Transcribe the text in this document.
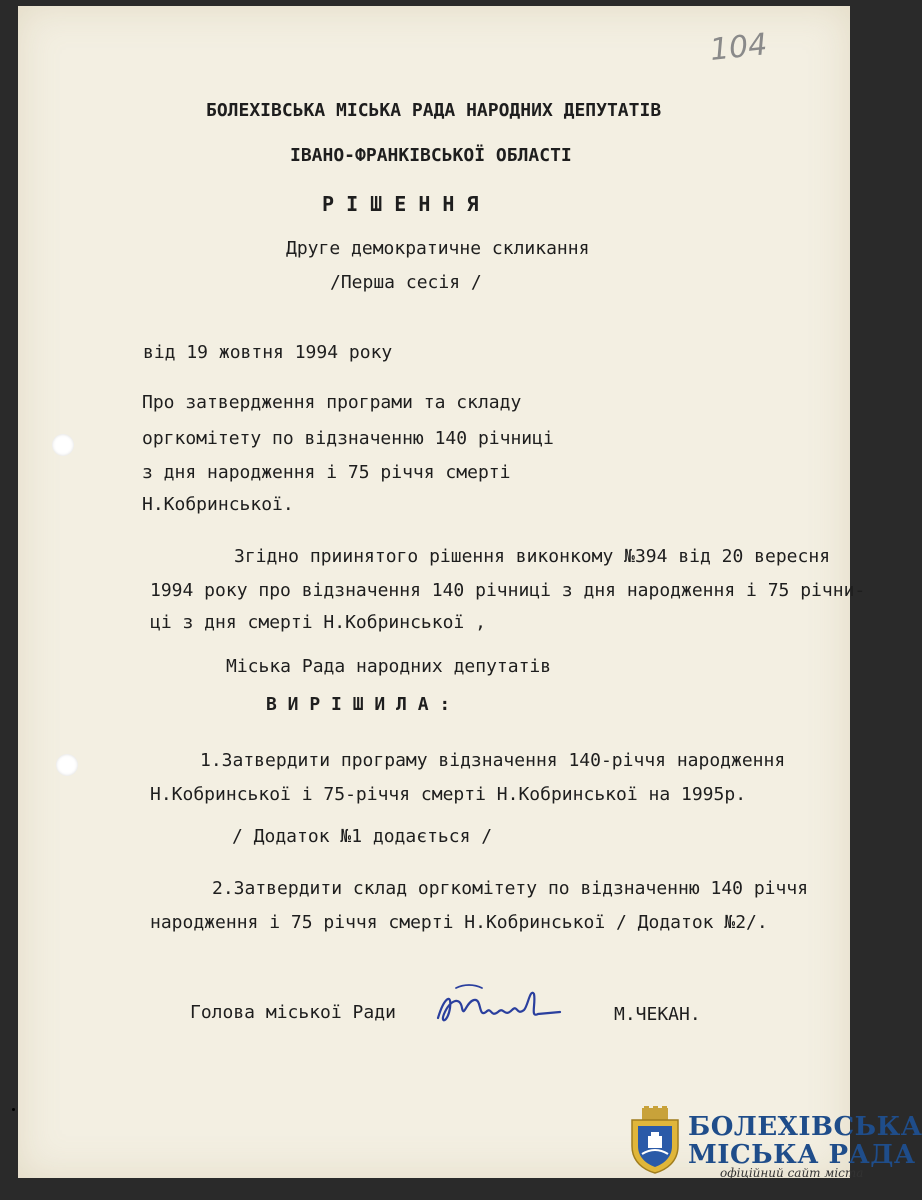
104
БОЛЕХІВСЬКА МІСЬКА РАДА НАРОДНИХ ДЕПУТАТІВ
ІВАНО-ФРАНКІВСЬКОЇ ОБЛАСТІ
Р І Ш Е Н Н Я
Друге демократичне скликання
/Перша сесія /
від 19 жовтня 1994 року
Про затвердження програми та складу
оргкомітету по відзначенню 140 річниці
з дня народження і 75 річчя смерті
Н.Кобринської.
Згідно приинятого рішення виконкому №394 від 20 вересня
1994 року про відзначення 140 річниці з дня народження і 75 річни-
ці з дня смерті Н.Кобринської ,
Міська Рада народних депутатів
В И Р І Ш И Л А :
1.Затвердити програму відзначення 140-річчя народження
Н.Кобринської і 75-річчя смерті Н.Кобринської на 1995р.
/ Додаток №1 додається /
2.Затвердити склад оргкомітету по відзначенню 140 річчя
народження і 75 річчя смерті Н.Кобринської / Додаток №2/.
Голова міської Ради	М.ЧЕКАН.
БОЛЕХІВСЬКА
МІСЬКА РАДА
офіційний сайт міста
